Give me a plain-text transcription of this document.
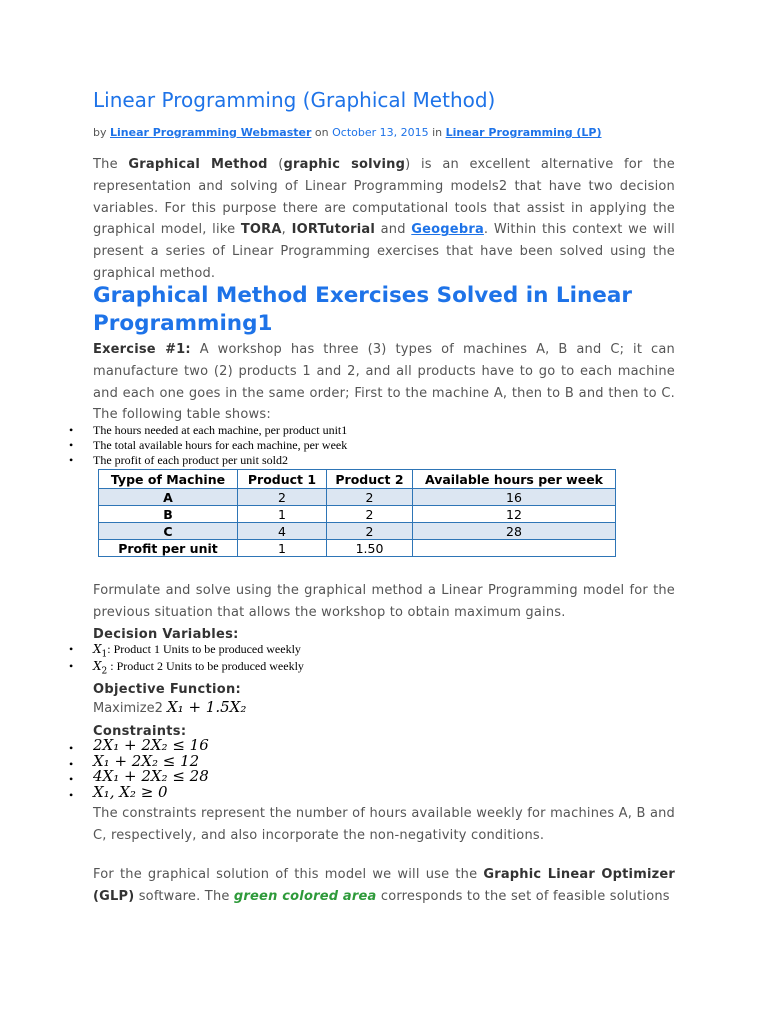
Linear Programming (Graphical Method)
by Linear Programming Webmaster on October 13, 2015 in Linear Programming (LP)

The Graphical Method (graphic solving) is an excellent alternative for the representation and solving of Linear Programming models2 that have two decision variables. For this purpose there are computational tools that assist in applying the graphical model, like TORA, IORTutorial and Geogebra. Within this context we will present a series of Linear Programming exercises that have been solved using the graphical method.

Graphical Method Exercises Solved in Linear Programming1

Exercise #1: A workshop has three (3) types of machines A, B and C; it can manufacture two (2) products 1 and 2, and all products have to go to each machine and each one goes in the same order; First to the machine A, then to B and then to C. The following table shows:

• The hours needed at each machine, per product unit1
• The total available hours for each machine, per week
• The profit of each product per unit sold2
Type of Machine	Product 1	Product 2	Available hours per week
A	2	2	16
B	1	2	12
C	4	2	28
Profit per unit	1	1.50	

Formulate and solve using the graphical method a Linear Programming model for the previous situation that allows the workshop to obtain maximum gains.

Decision Variables:
• $X_1$: Product 1 Units to be produced weekly
• $X_2$ : Product 2 Units to be produced weekly
Objective Function:
Maximize2 X₁ + 1.5X₂
Constraints:
• 2X₁ + 2X₂ ≤ 16
• X₁ + 2X₂ ≤ 12
• 4X₁ + 2X₂ ≤ 28
• X₁, X₂ ≥ 0

The constraints represent the number of hours available weekly for machines A, B and C, respectively, and also incorporate the non-negativity conditions.

For the graphical solution of this model we will use the Graphic Linear Optimizer (GLP) software. The green colored area corresponds to the set of feasible solutions
